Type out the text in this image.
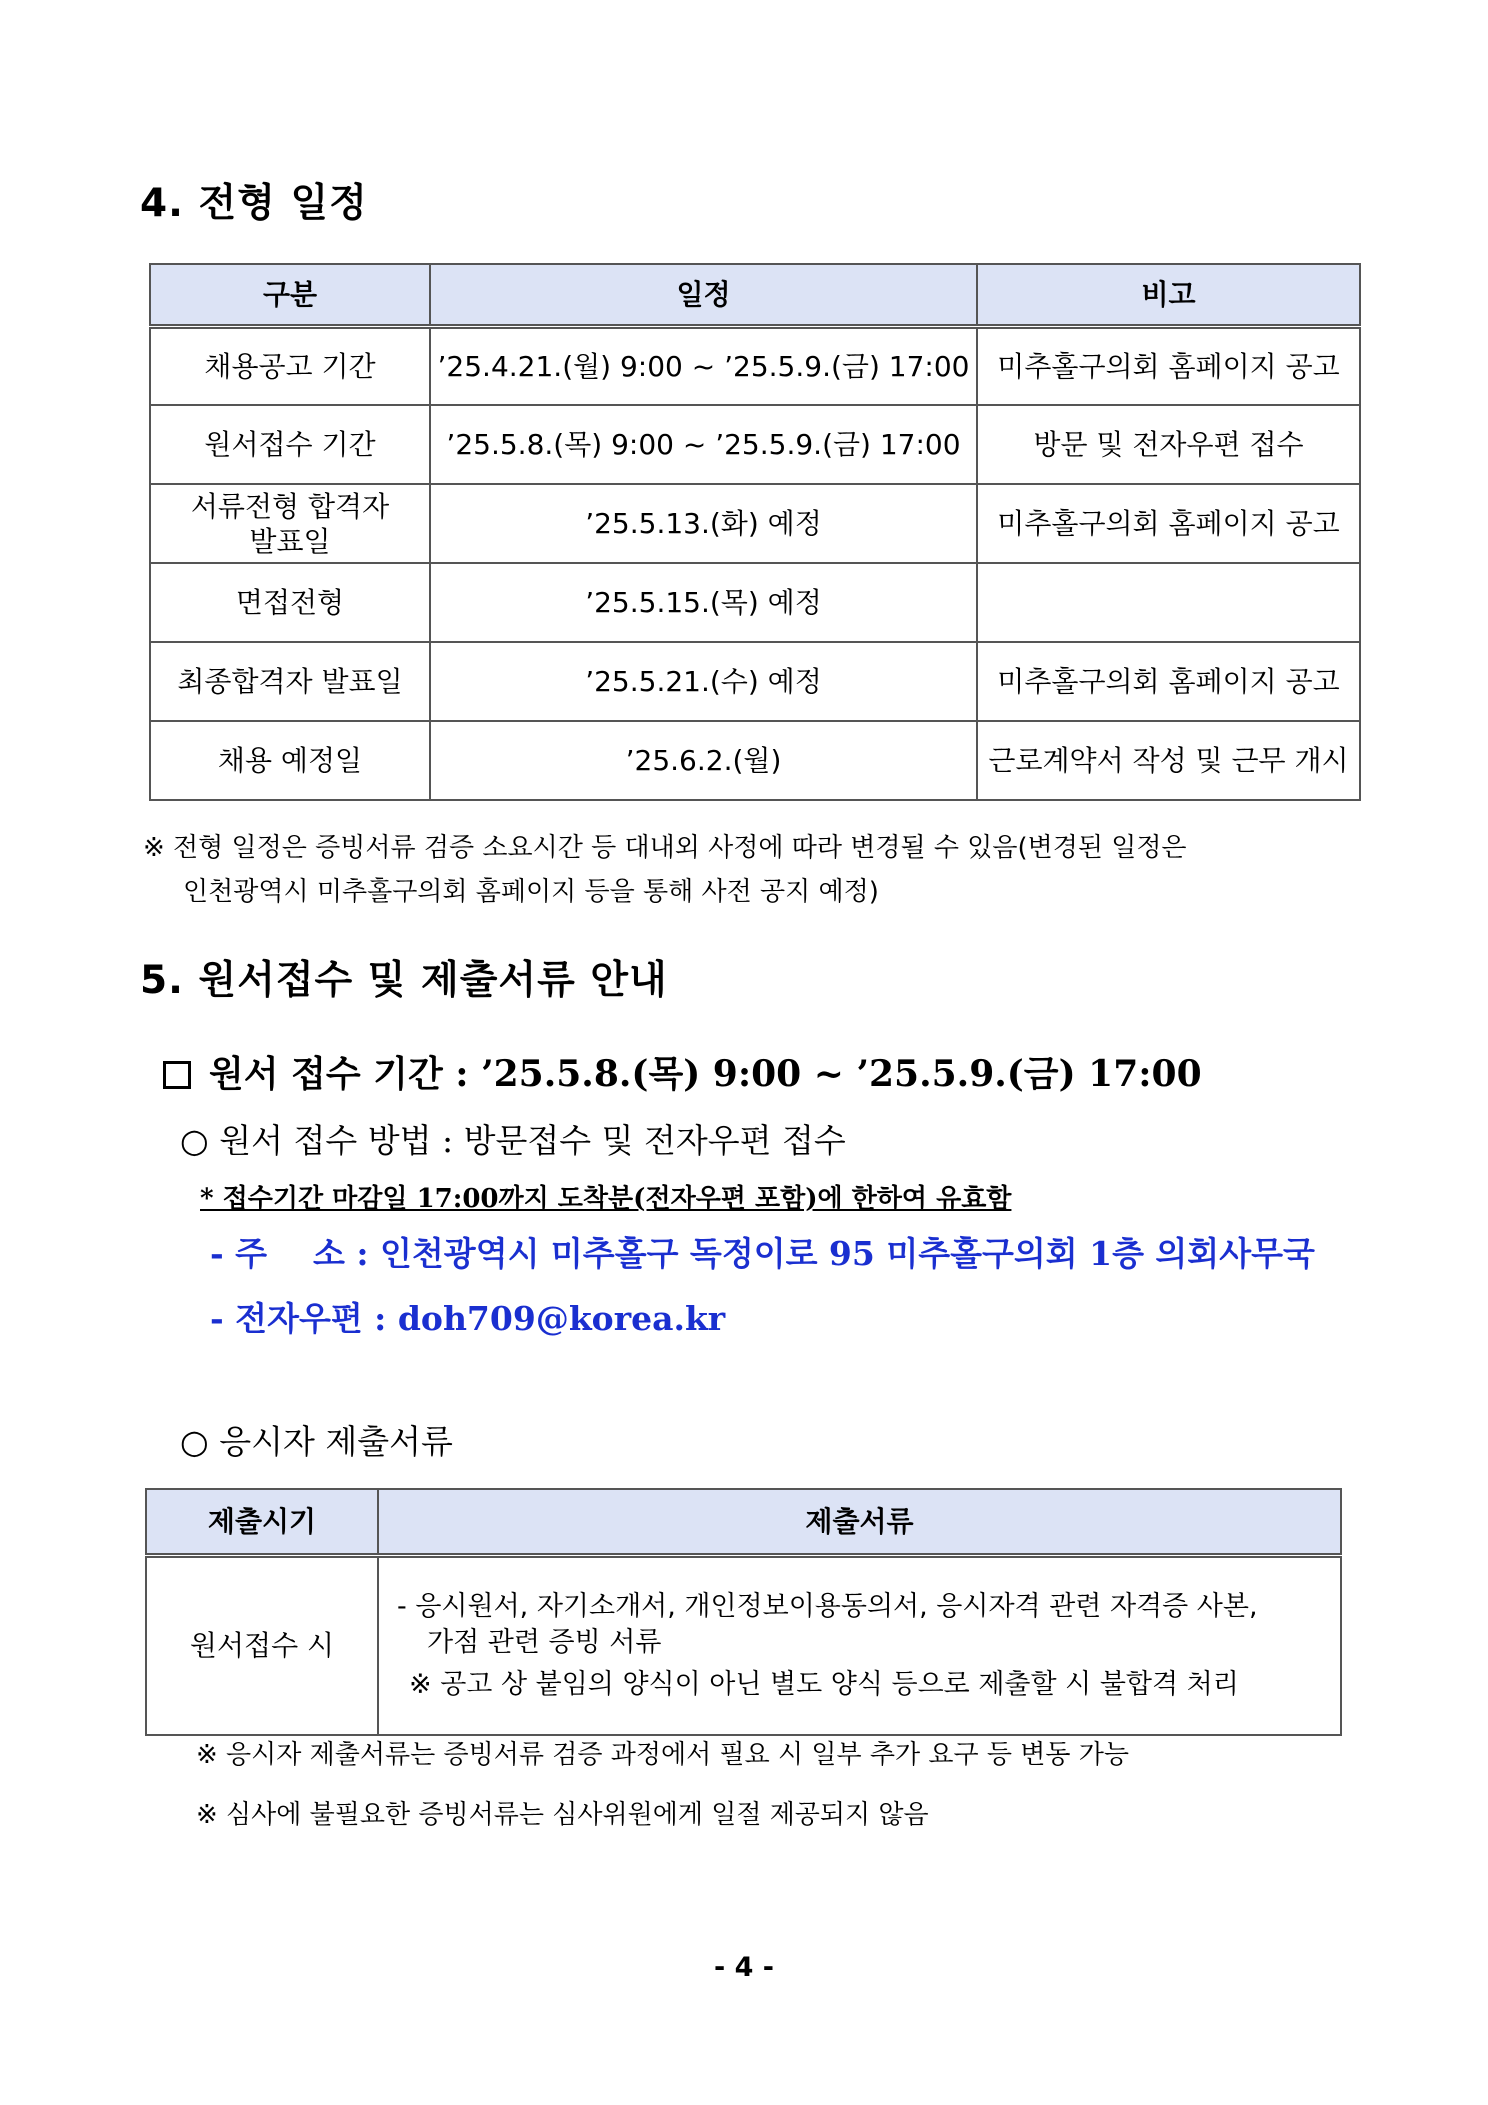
4. 전형 일정
구분	일정	비고
채용공고 기간	’25.4.21.(월) 9:00 ~ ’25.5.9.(금) 17:00	미추홀구의회 홈페이지 공고
원서접수 기간	’25.5.8.(목) 9:00 ~ ’25.5.9.(금) 17:00	방문 및 전자우편 접수

서류전형 합격자
발표일	’25.5.13.(화) 예정	미추홀구의회 홈페이지 공고
면접전형	’25.5.15.(목) 예정	
최종합격자 발표일	’25.5.21.(수) 예정	미추홀구의회 홈페이지 공고
채용 예정일	’25.6.2.(월)	근로계약서 작성 및 근무 개시
※ 전형 일정은 증빙서류 검증 소요시간 등 대내외 사정에 따라 변경될 수 있음(변경된 일정은
인천광역시 미추홀구의회 홈페이지 등을 통해 사전 공지 예정)
5. 원서접수 및 제출서류 안내
원서 접수 기간 : ’25.5.8.(목) 9:00 ~ ’25.5.9.(금) 17:00
○ 원서 접수 방법 : 방문접수 및 전자우편 접수
* 접수기간 마감일 17:00까지 도착분(전자우편 포함)에 한하여 유효함
- 주    소 : 인천광역시 미추홀구 독정이로 95 미추홀구의회 1층 의회사무국
- 전자우편 : doh709@korea.kr
○ 응시자 제출서류
제출시기	제출서류
원서접수 시	- 응시원서, 자기소개서, 개인정보이용동의서, 응시자격 관련 자격증 사본,
가점 관련 증빙 서류
※ 공고 상 붙임의 양식이 아닌 별도 양식 등으로 제출할 시 불합격 처리
※ 응시자 제출서류는 증빙서류 검증 과정에서 필요 시 일부 추가 요구 등 변동 가능
※ 심사에 불필요한 증빙서류는 심사위원에게 일절 제공되지 않음
- 4 -
